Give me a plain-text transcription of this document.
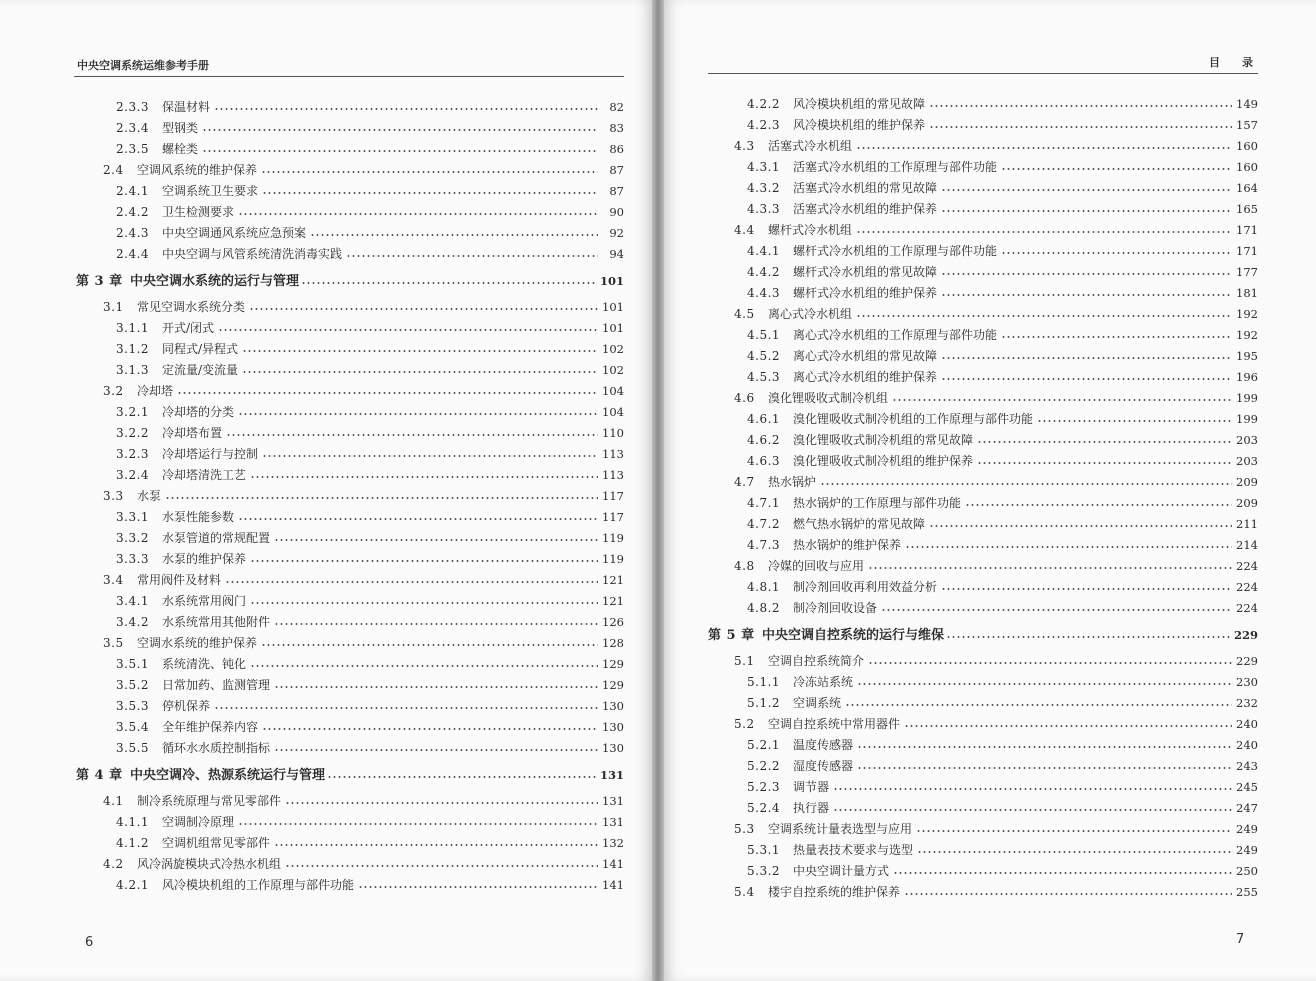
中央空调系统运维参考手册
2.3.3	保温材料	82
2.3.4	型钢类	83
2.3.5	螺栓类	86
2.4	空调风系统的维护保养	87
2.4.1	空调系统卫生要求	87
2.4.2	卫生检测要求	90
2.4.3	中央空调通风系统应急预案	92
2.4.4	中央空调与风管系统清洗消毒实践	94
第 3 章 中央空调水系统的运行与管理	101
3.1	常见空调水系统分类	101
3.1.1	开式/闭式	101
3.1.2	同程式/异程式	102
3.1.3	定流量/变流量	102
3.2	冷却塔	104
3.2.1	冷却塔的分类	104
3.2.2	冷却塔布置	110
3.2.3	冷却塔运行与控制	113
3.2.4	冷却塔清洗工艺	113
3.3	水泵	117
3.3.1	水泵性能参数	117
3.3.2	水泵管道的常规配置	119
3.3.3	水泵的维护保养	119
3.4	常用阀件及材料	121
3.4.1	水系统常用阀门	121
3.4.2	水系统常用其他附件	126
3.5	空调水系统的维护保养	128
3.5.1	系统清洗、钝化	129
3.5.2	日常加药、监测管理	129
3.5.3	停机保养	130
3.5.4	全年维护保养内容	130
3.5.5	循环水水质控制指标	130
第 4 章 中央空调冷、热源系统运行与管理	131
4.1	制冷系统原理与常见零部件	131
4.1.1	空调制冷原理	131
4.1.2	空调机组常见零部件	132
4.2	风冷涡旋模块式冷热水机组	141
4.2.1	风冷模块机组的工作原理与部件功能	141
6
目录
4.2.2	风冷模块机组的常见故障	149
4.2.3	风冷模块机组的维护保养	157
4.3	活塞式冷水机组	160
4.3.1	活塞式冷水机组的工作原理与部件功能	160
4.3.2	活塞式冷水机组的常见故障	164
4.3.3	活塞式冷水机组的维护保养	165
4.4	螺杆式冷水机组	171
4.4.1	螺杆式冷水机组的工作原理与部件功能	171
4.4.2	螺杆式冷水机组的常见故障	177
4.4.3	螺杆式冷水机组的维护保养	181
4.5	离心式冷水机组	192
4.5.1	离心式冷水机组的工作原理与部件功能	192
4.5.2	离心式冷水机组的常见故障	195
4.5.3	离心式冷水机组的维护保养	196
4.6	溴化锂吸收式制冷机组	199
4.6.1	溴化锂吸收式制冷机组的工作原理与部件功能	199
4.6.2	溴化锂吸收式制冷机组的常见故障	203
4.6.3	溴化锂吸收式制冷机组的维护保养	203
4.7	热水锅炉	209
4.7.1	热水锅炉的工作原理与部件功能	209
4.7.2	燃气热水锅炉的常见故障	211
4.7.3	热水锅炉的维护保养	214
4.8	冷媒的回收与应用	224
4.8.1	制冷剂回收再利用效益分析	224
4.8.2	制冷剂回收设备	224
第 5 章 中央空调自控系统的运行与维保	229
5.1	空调自控系统简介	229
5.1.1	冷冻站系统	230
5.1.2	空调系统	232
5.2	空调自控系统中常用器件	240
5.2.1	温度传感器	240
5.2.2	湿度传感器	243
5.2.3	调节器	245
5.2.4	执行器	247
5.3	空调系统计量表选型与应用	249
5.3.1	热量表技术要求与选型	249
5.3.2	中央空调计量方式	250
5.4	楼宇自控系统的维护保养	255
7
